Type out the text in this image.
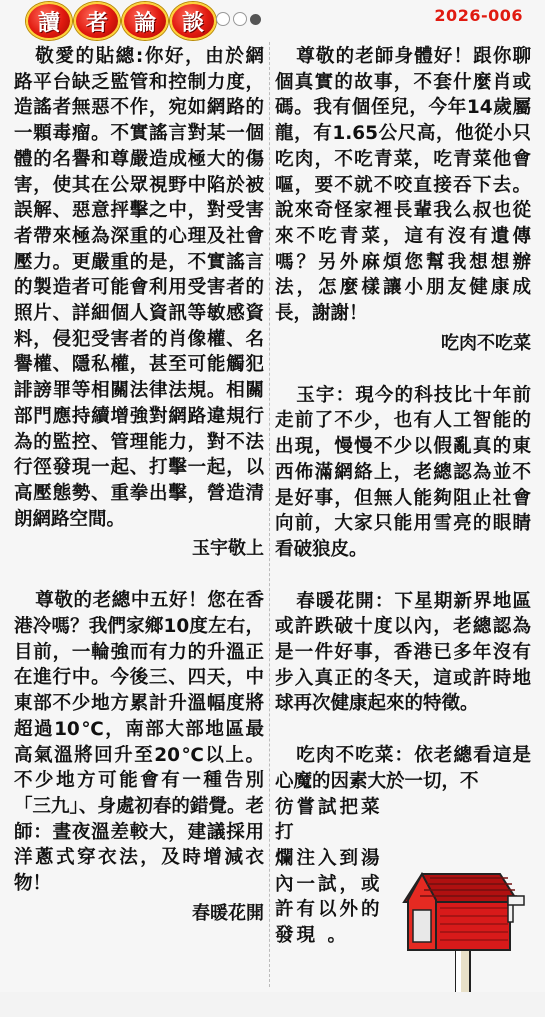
讀	者	論	談	2026-006

敬愛的貼總:你好，由於網路平台缺乏監管和控制力度，造謠者無惡不作，宛如網路的一顆毒瘤。不實謠言對某一個體的名譽和尊嚴造成極大的傷害，使其在公眾視野中陷於被誤解、惡意抨擊之中，對受害者帶來極為深重的心理及社會壓力。更嚴重的是，不實謠言的製造者可能會利用受害者的照片、詳細個人資訊等敏感資料，侵犯受害者的肖像權、名譽權、隱私權，甚至可能觸犯誹謗罪等相關法律法規。相關部門應持續增強對網路違規行為的監控、管理能力，對不法行徑發現一起、打擊一起，以高壓態勢、重拳出擊，營造清朗網路空間。

玉宇敬上

尊敬的老總中五好！您在香港冷嗎？我們家鄉10度左右，目前，一輪強而有力的升溫正在進行中。今後三、四天，中東部不少地方累計升溫幅度將超過10℃，南部大部地區最高氣溫將回升至20℃以上。不少地方可能會有一種告別「三九」、身處初春的錯覺。老師：晝夜溫差較大，建議採用洋蔥式穿衣法，及時增減衣物！

春暖花開

尊敬的老師身體好！跟你聊個真實的故事，不套什麼肖或碼。我有個侄兒，今年14歲屬龍，有1.65公尺高，他從小只吃肉，不吃青菜，吃青菜他會嘔，要不就不咬直接吞下去。說來奇怪家裡長輩我么叔也從來不吃青菜，這有沒有遺傳嗎？另外麻煩您幫我想想辦法，怎麼樣讓小朋友健康成長，謝謝！

吃肉不吃菜

玉宇：現今的科技比十年前走前了不少，也有人工智能的出現，慢慢不少以假亂真的東西佈滿網絡上，老總認為並不是好事，但無人能夠阻止社會向前，大家只能用雪亮的眼睛看破狼皮。

春暖花開：下星期新界地區或許跌破十度以內，老總認為是一件好事，香港已多年沒有步入真正的冬天，這或許時地球再次健康起來的特徵。

吃肉不吃菜：依老總看這是心魔的因素大於一切，不

彷嘗試把菜打
爛注入到湯
內一試，或
許有以外的
發現 。
